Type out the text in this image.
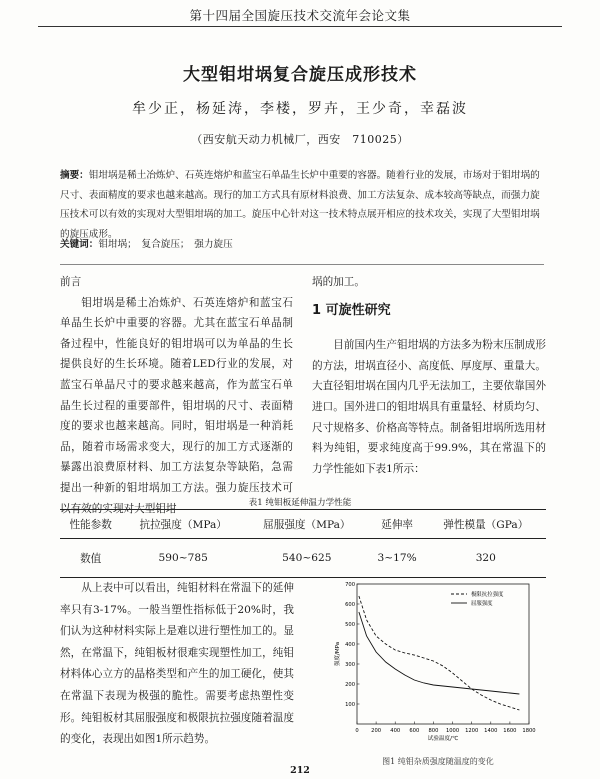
第十四届全国旋压技术交流年会论文集
大型钼坩埚复合旋压成形技术
牟少正，杨延涛，李楼，罗卉，王少奇，幸磊波
（西安航天动力机械厂，西安　710025）
摘要：钼坩埚是稀土冶炼炉、石英连熔炉和蓝宝石单晶生长炉中重要的容器。随着行业的发展，市场对于钼坩埚的尺寸、表面精度的要求也越来越高。现行的加工方式具有原材料浪费、加工方法复杂、成本较高等缺点，而强力旋压技术可以有效的实现对大型钼坩埚的加工。旋压中心针对这一技术特点展开相应的技术攻关，实现了大型钼坩埚的旋压成形。
关键词：钼坩埚；　复合旋压；　强力旋压

前言

钼坩埚是稀土冶炼炉、石英连熔炉和蓝宝石单晶生长炉中重要的容器。尤其在蓝宝石单晶制备过程中，性能良好的钼坩埚可以为单晶的生长提供良好的生长环境。随着LED行业的发展，对蓝宝石单晶尺寸的要求越来越高，作为蓝宝石单晶生长过程的重要部件，钼坩埚的尺寸、表面精度的要求也越来越高。同时，钼坩埚是一种消耗品，随着市场需求变大，现行的加工方式逐渐的暴露出浪费原材料、加工方法复杂等缺陷，急需提出一种新的钼坩埚加工方法。强力旋压技术可以有效的实现对大型钼坩

埚的加工。

1 可旋性研究

目前国内生产钼坩埚的方法多为粉末压制成形的方法，坩埚直径小、高度低、厚度厚、重量大。大直径钼坩埚在国内几乎无法加工，主要依靠国外进口。国外进口的钼坩埚具有重量轻、材质均匀、尺寸规格多、价格高等特点。制备钼坩埚所选用材料为纯钼，要求纯度高于99.9%，其在常温下的力学性能如下表1所示：

表1 纯钼板延伸温力学性能
性能参数	抗拉强度（MPa）	屈服强度（MPa）	延伸率	弹性模量（GPa）
数值	590~785	540~625	3~17%	320

从上表中可以看出，纯钼材料在常温下的延伸率只有3-17%。一般当塑性指标低于20%时，我们认为这种材料实际上是难以进行塑性加工的。显然，在常温下，纯钼板材很难实现塑性加工，纯钼材料体心立方的晶格类型和产生的加工硬化，使其在常温下表现为极强的脆性。需要考虑热塑性变形。纯钼板材其屈服强度和极限抗拉强度随着温度的变化，表现出如图1所示趋势。

0 200 400 600 800 1000 1200 1400 1600 1800
100
200
300
400
500
600
700
试验温度/℃
强度/MPa
极限抗拉强度
屈服强度
图1 纯钼杂质强度随温度的变化
212
